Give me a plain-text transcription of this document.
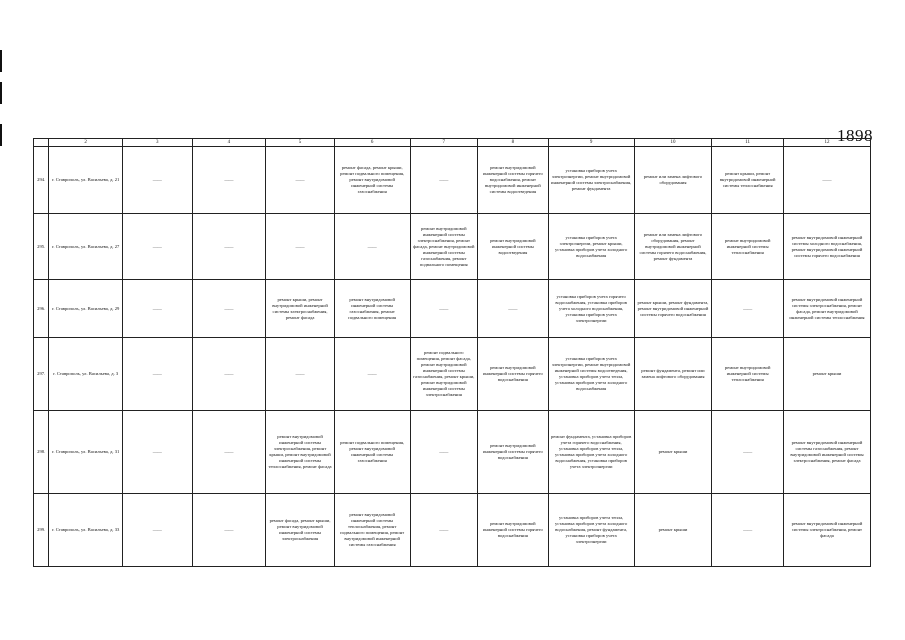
1898
	2	3	4	5	6	7	8	9	10	11	12
294.	г. Ставрополь, ул. Васильева, д. 21	——	——	——	ремонт фасада, ремонт крыши, ремонт подвального помещения, ремонт внутридомовой инженерной системы газоснабжения	——	ремонт внутридомовой инженерной системы горячего водоснабжения, ремонт внутридомовой инженерной системы водоотведения	установка приборов учета электроэнергии, ремонт внутридомовой инженерной системы электроснабжения, ремонт фундамента	ремонт или замена лифтового оборудования	ремонт крыши, ремонт внутридомовой инженерной системы теплоснабжения	——
295.	г. Ставрополь, ул. Васильева, д. 27	——	——	——	——	ремонт внутридомовой инженерной системы электроснабжения, ремонт фасада, ремонт внутридомовой инженерной системы газоснабжения, ремонт подвального помещения	ремонт внутридомовой инженерной системы водоотведения	установка приборов учета электроэнергии, ремонт крыши, установка приборов учета холодного водоснабжения	ремонт или замена лифтового оборудования, ремонт внутридомовой инженерной системы горячего водоснабжения, ремонт фундамента	ремонт внутридомовой инженерной системы теплоснабжения	ремонт внутридомовой инженерной системы холодного водоснабжения, ремонт внутридомовой инженерной системы горячего водоснабжения
296.	г. Ставрополь, ул. Васильева, д. 29	——	——	ремонт крыши, ремонт внутридомовой инженерной системы электроснабжения, ремонт фасада	ремонт внутридомовой инженерной системы газоснабжения, ремонт подвального помещения	——	——	установка приборов учета горячего водоснабжения, установка приборов учета холодного водоснабжения, установка приборов учета электроэнергии	ремонт крыши, ремонт фундамента, ремонт внутридомовой инженерной системы горячего водоснабжения	——	ремонт внутридомовой инженерной системы электроснабжения, ремонт фасада, ремонт внутридомовой инженерной системы теплоснабжения
297.	г. Ставрополь, ул. Васильева, д. 3	——	——	——	——	ремонт подвального помещения, ремонт фасада, ремонт внутридомовой инженерной системы газоснабжения, ремонт крыши, ремонт внутридомовой инженерной системы электроснабжения	ремонт внутридомовой инженерной системы горячего водоснабжения	установка приборов учета электроэнергии, ремонт внутридомовой инженерной системы водоотведения, установка приборов учета тепла, установка приборов учета холодного водоснабжения	ремонт фундамента, ремонт или замена лифтового оборудования	ремонт внутридомовой инженерной системы теплоснабжения	ремонт крыши
298.	г. Ставрополь, ул. Васильева, д. 31	——	——	ремонт внутридомовой инженерной системы электроснабжения, ремонт крыши, ремонт внутридомовой инженерной системы теплоснабжения, ремонт фасада	ремонт подвального помещения, ремонт внутридомовой инженерной системы газоснабжения	——	ремонт внутридомовой инженерной системы горячего водоснабжения	ремонт фундамента, установка приборов учета горячего водоснабжения, установка приборов учета тепла, установка приборов учета холодного водоснабжения, установка приборов учета электроэнергии	ремонт крыши	——	ремонт внутридомовой инженерной системы газоснабжения, ремонт внутридомовой инженерной системы электроснабжения, ремонт фасада
299.	г. Ставрополь, ул. Васильева, д. 33	——	——	ремонт фасада, ремонт крыши, ремонт внутридомовой инженерной системы электроснабжения	ремонт внутридомовой инженерной системы теплоснабжения, ремонт подвального помещения, ремонт внутридомовой инженерной системы газоснабжения	——	ремонт внутридомовой инженерной системы горячего водоснабжения	установка приборов учета тепла, установка приборов учета холодного водоснабжения, ремонт фундамента, установка приборов учета электроэнергии	ремонт крыши	——	ремонт внутридомовой инженерной системы электроснабжения, ремонт фасада
